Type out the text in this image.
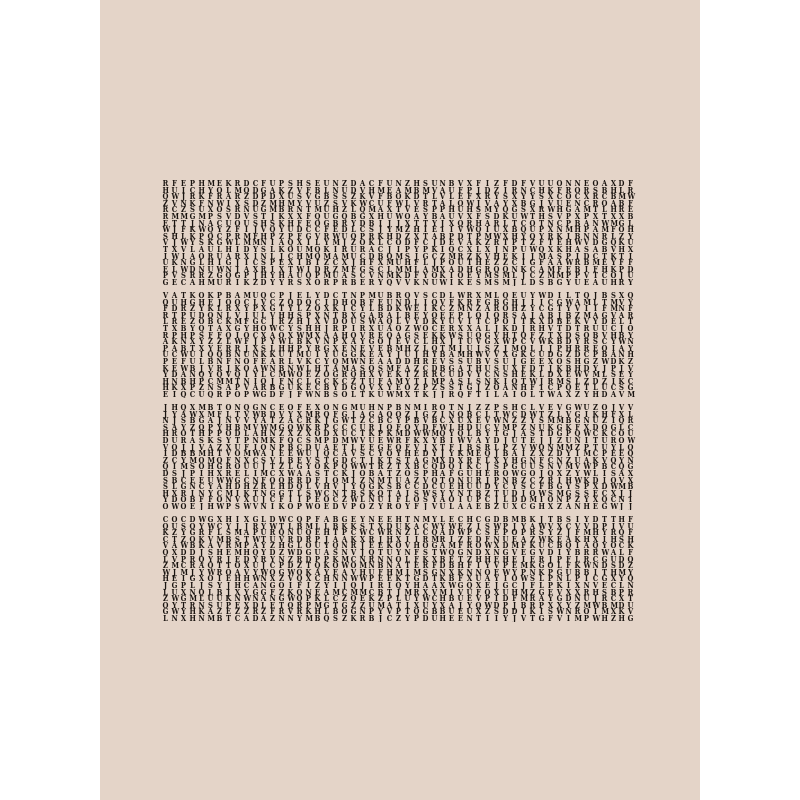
R
H
Q
Z
R
R
E
W
S
V
T
I
U
E
P
G
F
U
W
V
C
M
T
J
H
J
X
W
K
L
V
E
E
I
J
N
Z
M
T
F
L
W
V
I
N
W
S
C
P
C
R
K
S
G
J
K
K
Y
L
A
G
D
R
A
H
H
K
F
U
M
N
W
P
S
A
O
L
N
R
H
M
Y
F
N
X
P
A
Q
Q
K
U
R
H
U
Z
M
E
O
R
W
O
S
C
Y
C
G
L
U
I
W
G
U
K
L
A
I
S
V
U
Z
P
W
H
A
G
N
Q
R
R
M
R
X
R
D
O
F
R
L
I
R
J
J
G
I
D
O
Z
S
N
V
U
I
M
M
D
X
I
A
P
K
C
D
D
D
U
S
S
J
F
M
Y
I
C
X
J
Z
F
G
P
Z
G
T
H
V
H
N
S
N
S
R
H
D
U
A
D
M
M
J
S
Q
P
I
L
L
P
I
Y
Y
P
K
X
H
B
K
K
Y
Z
A
K
J
E
X
H
Y
S
Z
U
M
R
X
H
U
P
Q
O
C
X
T
A
R
H
V
S
Y
N
X
F
D
F
X
U
H
I
W
U
S
S
F
V
V
T
F
E
C
G
I
M
M
B
I
Q
X
E
B
G
U
M
Q
O
C
V
L
Q
Q
I
D
P
O
U
L
B
Z
U
U
G
F
R
Y
K
M
Z
R
M
R
N
N
S
S
H
G
B
E
W
M
I
A
C
Z
U
P
Z
U
S
V
Z
Q
R
D
U
J
R
M
X
M
A
R
D
D
Z
K
L
B
Y
L
Q
Z
U
U
J
F
S
B
A
V
K
W
Q
G
D
C
P
O
R
C
H
G
C
E
C
H
V
C
M
X
B
S
R
K
A
D
F
S
V
R
F
M
F
U
A
H
I
J
K
L
C
B
X
C
N
Y
U
E
B
F
X
U
J
Y
H
C
J
Q
M
L
M
Q
N
A
O
W
T
W
J
M
D
O
I
M
U
M
K
V
Z
M
K
L
V
O
X
Z
Z
D
P
S
H
M
D
V
H
B
D
V
E
A
T
H
X
F
Y
J
F
L
F
K
S
M
T
R
S
Y
T
I
T
C
P
G
L
A
Y
N
U
V
L
T
P
B
Y
E
A
J
K
C
J
M
O
U
N
A
V
A
P
A
J
I
B
D
I
Z
P
X
K
W
B
U
L
L
H
U
X
I
P
E
Q
M
O
A
I
I
V
F
E
O
U
V
Q
V
D
V
C
R
U
D
O
K
X
P
F
W
H
X
R
W
T
A
X
Z
T
H
E
E
F
J
X
J
S
F
H
Q
P
K
L
K
H
G
Y
S
I
D
R
V
M
S
A
I
M
Z
X
V
E
R
M
M
Z
Z
Y
A
Y
D
R
U
W
R
J
H
Z
Q
S
S
F
I
S
Y
Q
K
L
X
X
T
N
E
Z
Q
M
M
D
R
X
X
G
U
T
B
H
P
P
K
C
N
L
J
F
N
Y
B
S
W
C
Q
Y
T
U
I
I
K
J
L
V
C
Y
G
X
T
O
U
O
Z
W
J
G
C
C
D
U
H
S
J
R
H
T
P
Y
F
Q
M
F
A
Z
S
U
K
X
V
W
S
N
X
R
T
X
A
A
M
M
B
O
F
C
U
H
V
C
N
K
E
K
S
A
F
M
G
N
R
O
E
G
P
P
M
I
H
H
P
W
E
P
Y
N
O
C
N
A
X
B
H
B
W
A
I
R
B
P
U
E
R
X
C
M
P
A
P
N
V
S
D
B
I
V
E
O
S
R
R
T
X
N
A
N
D
A
C
M
F
T
A
A
B
C
O
L
T
W
M
R
G
B
T
E
H
C
U
X
H
B
A
H
X
M
F
L
Q
V
K
Y
K
O
H
D
L
M
B
R
X
G
O
Z
K
H
T
F
P
J
R
F
R
W
F
E
B
L
H
Y
U
X
I
F
D
U
Y
V
Q
F
R
L
T
R
A
P
U
P
K
Y
H
H
E
A
U
D
T
R
X
P
K
A
C
E
E
D
N
K
I
T
H
R
P
E
B
H
N
B
W
F
W
A
B
X
Q
K
G
Z
U
Z
Y
P
X
T
U
U
B
N
H
P
C
O
H
Y
D
O
Q
S
Y
X
I
L
J
Q
P
Z
U
K
E
K
Q
B
T
F
Z
Y
Q
B
V
Y
C
N
Q
P
J
L
N
C
A
F
Z
E
Q
N
R
Q
M
S
R
B
Q
R
L
K
X
Q
L
R
B
F
J
V
M
A
P
A
O
X
V
M
G
I
W
R
N
N
K
Q
T
P
O
M
C
Y
J
F
Y
O
F
J
U
O
O
I
N
V
P
U
L
P
U
G
H
C
J
X
N
F
A
Y
I
A
W
Q
V
X
L
C
O
X
P
S
K
E
W
L
Q
R
G
C
C
G
V
J
W
A
Y
L
K
A
N
C
J
B
D
P
Z
T
H
R
C
O
W
H
U
R
B
M
F
G
F
J
Q
Y
H
Z
Y
X
L
H
T
L
N
W
N
U
J
E
D
L
S
H
S
W
B
P
M
V
W
O
C
K
F
L
Q
Z
P
J
H
M
K
Y
U
K
L
E
L
E
W
Y
C
O
X
X
H
X
V
R
I
C
H
Z
G
C
N
D
I
X
N
V
J
A
N
G
Y
Y
T
O
C
B
B
C
D
K
T
D
R
A
P
X
U
Q
A
G
K
Y
S
T
H
I
B
O
P
H
X
E
G
M
M
R
C
D
O
N
Q
C
X
U
I
Q
A
N
G
W
A
Q
Z
G
L
P
B
Y
G
S
R
V
Y
E
K
N
S
H
T
Q
T
M
F
L
A
W
X
R
G
V
E
E
O
X
U
V
K
U
E
B
B
A
U
E
O
E
A
A
S
V
F
X
U
B
U
D
A
Q
A
Q
J
B
Y
A
M
E
A
Y
W
R
N
K
L
L
O
A
E
M
J
D
F
K
M
E
M
Q
D
W
B
V
Z
G
V
H
U
D
A
T
Y
O
X
V
L
E
E
Y
W
S
C
Z
J
H
Z
Z
T
Z
T
S
I
I
Y
D
O
E
L
L
H
R
C
R
I
P
K
C
Q
K
O
K
C
K
H
Q
Y
E
D
R
M
Z
J
D
V
C
E
Y
E
K
X
T
B
V
B
C
P
S
J
L
F
Z
E
U
R
W
J
M
A
S
G
U
A
S
R
W
K
M
P
V
X
S
T
J
M
S
A
D
S
T
Q
R
R
N
L
I
X
U
U
U
H
U
T
V
L
G
F
X
F
Z
O
T
A
Q
V
J
W
B
H
Y
S
J
T
M
G
A
I
C
L
G
G
S
V
V
U
C
N
Z
I
L
B
R
Q
P
J
V
X
Z
V
S
S
N
K
O
L
Q
G
O
R
O
K
H
W
J
X
U
U
S
I
A
A
E
H
H
S
I
D
T
P
M
G
J
X
H
Q
N
I
U
J
Z
A
T
J
Q
C
Q
K
G
F
E
T
H
O
Y
I
Y
J
K
R
F
V
L
C
E
D
K
W
F
L
W
I
C
A
X
H
Z
W
I
U
E
T
L
J
I
T
D
C
G
B
D
V
T
K
J
D
X
J
D
R
C
W
I
G
T
J
B
T
X
B
P
G
O
K
X
M
P
A
L
W
Y
B
E
D
D
D
H
Z
S
B
E
S
Q
X
T
A
V
Z
K
T
S
Y
R
D
H
H
W
L
E
Z
Q
M
I
M
V
R
Q
R
R
C
G
D
V
Z
T
Y
J
L
I
A
Y
U
B
S
E
P
Z
Y
M
D
L
H
B
T
F
G
D
U
V
C
Q
B
W
J
L
Z
U
D
S
M
M
V
E
C
H
Y
I
A
D
P
S
I
C
A
X
V
N
A
L
J
B
W
A
N
K
J
E
K
S
V
Q
Y
F
R
T
O
Y
N
Y
H
Z
V
Y
C
G
M
J
J
N
S
H
D
V
I
Z
Q
D
S
S
H
Y
O
H
Y
J
A
R
U
O
D
C
I
S
B
L
X
D
W
Q
A
S
Y
O
R
J
B
Y
M
J
C
G
R
O
O
X
W
B
Z
T
A
J
B
M
S
P
E
N
I
B
E
M
X
G
Q
H
S
V
M
O
O
I
E
C
N
F
J
B
M
A
P
P
K
A
H
M
H
H
U
Y
Y
F
H
T
F
J
Y
P
S
Z
T
Q
G
X
W
A
C
O
W
O
L
N
H
O
Y
X
V
F
R
R
W
H
M
N
P
N
T
V
B
D
T
U
O
N
O
E
G
D
I
V
S
Q
V
V
M
L
P
F
M
X
U
L
C
H
K
X
W
G
W
Y
V
A
N
I
W
C
U
I
N
Z
T
U
V
N
B
A
W
H
M
O
A
S
J
M
F
R
N
J
N
C
D
T
M
N
K
N
I
V
T
C
Q
L
G
C
I
E
V
Z
G
Z
F
P
E
L
Z
X
Q
H
G
F
K
O
Y
A
Q
X
Q
B
E
B
L
W
R
D
T
I
O
F
X
C
W
Z
C
C
W
E
G
A
R
Q
L
I
P
E
M
R
K
X
S
D
U
V
Y
A
D
L
S
P
W
X
R
K
R
O
M
U
J
S
O
S
F
V
W
E
O
O
Q
J
P
D
P
A
Q
T
K
T
I
H
C
O
E
N
F
G
C
X
D
E
C
G
P
C
O
V
N
C
D
G
G
W
C
U
M
T
A
D
Q
K
M
J
T
Z
V
M
J
T
C
C
W
L
V
C
W
J
I
Y
B
W
P
U
A
Z
U
T
V
E
S
T
W
O
Z
Q
S
L
O
H
G
C
R
K
U
E
C
J
T
B
N
G
K
N
Z
N
A
B
J
P
E
G
Y
K
R
A
M
K
Q
U
Y
P
Q
C
Q
K
W
E
O
T
Z
T
T
S
T
I
R
B
O
Y
F
M
R
Q
Y
S
T
Z
U
B
A
F
O
N
Z
P
Q
D
F
F
H
T
X
O
A
C
I
L
Y
M
J
B
Y
W
K
V
E
A
B
S
Z
C
S
O
F
I
G
V
D
W
X
J
D
G
C
P
V
D
W
S
J
R
Z
B
F
M
Y
X
Y
M
Q
H
Q
C
S
Y
V
O
I
C
W
Q
B
T
J
X
D
A
T
U
Y
A
U
T
N
X
L
Y
I
F
Y
D
Q
F
O
E
Y
O
L
N
Q
U
H
Q
W
J
K
X
I
G
N
H
N
I
A
J
B
X
D
L
V
B
M
R
K
U
U
U
T
U
A
Z
C
E
U
B
A
S
E
F
C
H
R
U
B
P
E
Z
L
V
C
Y
Y
R
Q
L
J
E
J
D
Z
C
B
P
T
W
V
T
D
L
J
X
S
R
P
Y
T
J
Z
S
W
N
M
G
J
P
B
Y
P
O
N
C
U
L
U
H
C
Z
P
J
U
Z
A
H
G
W
B
Y
D
D
X
C
D
Z
Z
A
T
V
I
G
U
G
Z
S
I
D
C
L
W
Y
N
S
E
W
Z
N
U
O
C
C
O
M
G
V
T
S
U
T
J
O
X
F
S
J
Z
F
W
I
H
E
Z
M
K
D
J
N
Z
C
N
Q
R
B
S
O
X
V
L
M
G
G
Z
M
D
N
V
X
I
G
M
N
Z
G
V
B
K
P
U
M
Y
Z
M
Z
H
Y
G
P
A
W
G
G
F
Q
N
Z
I
U
V
Y
W
S
S
Z
N
U
I
N
X
W
I
P
M
A
W
W
K
P
S
Y
H
Z
K
U
D
C
T
T
C
K
P
L
D
X
E
X
E
O
H
Z
O
K
U
U
P
V
B
I
I
D
C
Q
G
J
F
I
G
C
R
Y
E
Q
C
S
Q
W
X
C
W
V
X
Q
L
O
O
L
E
Y
Q
A
V
M
J
N
J
V
L
R
C
U
W
Q
Q
N
G
X
X
B
J
I
J
C
Q
K
C
V
Q
L
Z
W
H
J
L
Z
O
G
L
O
U
Z
T
A
X
V
M
J
E
G
U
W
Y
W
N
C
S
Y
Z
W
D
P
C
M
I
P
X
G
T
Y
X
D
Q
G
O
B
D
R
R
J
G
L
N
M
R
H
H
W
Y
R
K
K
J
Q
A
Y
X
J
Q
L
N
K
N
G
W
F
V
A
S
Y
Q
W
O
S
L
U
S
A
M
X
C
L
M
V
H
R
T
R
I
Y
B
U
U
Z
B
H
Y
S
B
R
E
J
T
O
E
J
J
K
P
E
T
I
J
M
S
M
M
E
O
A
H
H
X
N
E
Z
C
X
J
A
T
P
H
D
X
V
H
C
Y
W
X
Z
A
G
R
P
W
A
Q
Y
U
Y
W
A
G
N
D
R
D
L
Y
U
T
Y
Y
R
J
W
N
N
G
A
L
Z
A
D
W
R
U
Z
D
Y
C
O
X
G
F
N
E
F
Z
W
T
Q
V
H
Z
N
P
G
Z
O
Z
G
T
R
N
C
L
N
R
G
W
Z
D
W
V
I
K
W
Q
V
N
Q
B
U
D
L
D
R
Z
O
Q
F
Q
Q
R
R
Y
P
M
Q
R
O
G
D
T
K
X
I
N
P
P
K
M
F
L
E
P
U
U
P
Q
A
C
Z
E
K
M
H
B
A
L
H
J
Y
A
P
K
Y
H
Y
A
L
G
L
Q
B
B
T
A
Q
S
K
O
E
N
I
M
C
T
B
S
G
K
P
A
N
N
M
W
A
N
J
C
Z
G
O
Z
E
K
C
K
R
V
C
O
V
W
Q
M
Q
Z
G
K
Y
S
W
X
J
J
N
M
H
W
J
M
E
Z
N
R
N
T
C
R
E
Q
R
N
U
P
I
C
K
U
P
B
E
X
W
J
E
T
N
B
F
E
R
B
Z
M
Y
J
E
D
R
H
K
U
N
N
H
E
I
T
P
A
V
C
H
U
N
X
O
Y
O
A
M
K
Q
J
L
T
P
Z
T
K
Z
I
V
N
L
T
I
T
Y
M
U
I
T
Y
N
A
L
I
H
F
F
E
M
G
H
R
Y
X
Q
P
M
C
C
R
O
S
K
R
S
D
A
X
W
U
G
D
Y
W
Q
M
G
T
X
F
G
T
A
V
C
Y
B
U
L
Y
A
R
A
W
B
D
N
K
X
M
H
X
B
H
E
W
D
I
M
Q
E
B
X
B
W
I
B
A
U
E
C
E
W
Z
F
G
T
H
K
F
G
V
U
J
E
E
H
Z
P
E
R
N
Z
F
N
X
Q
U
E
Y
U
N
C
I
C
D
O
D
H
I
N
U
X
F
V
Q
X
T
G
S
S
F
W
X
H
Y
O
A
E
O
P
W
Z
I
D
W
E
N
X
N
E
V
E
Y
J
X
I
D
S
I
B
P
P
U
D
G
H
P
W
I
G
U
D
P
D
Y
M
J
O
E
M
V
E
E
Y
O
C
H
F
J
D
J
B
Y
P
A
F
E
I
M
P
W
J
M
M
B
I
V
K
A
R
Z
K
G
E
K
N
S
F
Z
R
R
K
T
J
W
S
W
U
V
R
G
K
L
L
G
A
P
I
G
T
V
Y
K
C
D
J
O
P
P
P
E
Y
X
S
F
B
X
Z
E
B
I
P
L
G
N
K
V
G
X
W
V
S
C
J
A
Q
Y
F
F
U
L
I
X
D
Y
N
I
I
V
F
K
I
B
L
K
B
P
X
X
N
Z
R
M
Y
V
M
H
A
R
R
W
B
I
N
R
U
M
O
P
D
D
H
X
Q
R
C
N
I
C
V
H
J
W
I
W
T
P
Y
I
Y
W
G
D
T
G
E
S
R
B
M
H
T
I
R
H
O
A
U
S
H
X
C
B
C
M
X
Z
H
V
Q
S
C
L
D
D
M
Y
L
P
X
D
K
H
F
U
F
H
K
F
O
Z
Y
Q
N
R
T
U
V
G
